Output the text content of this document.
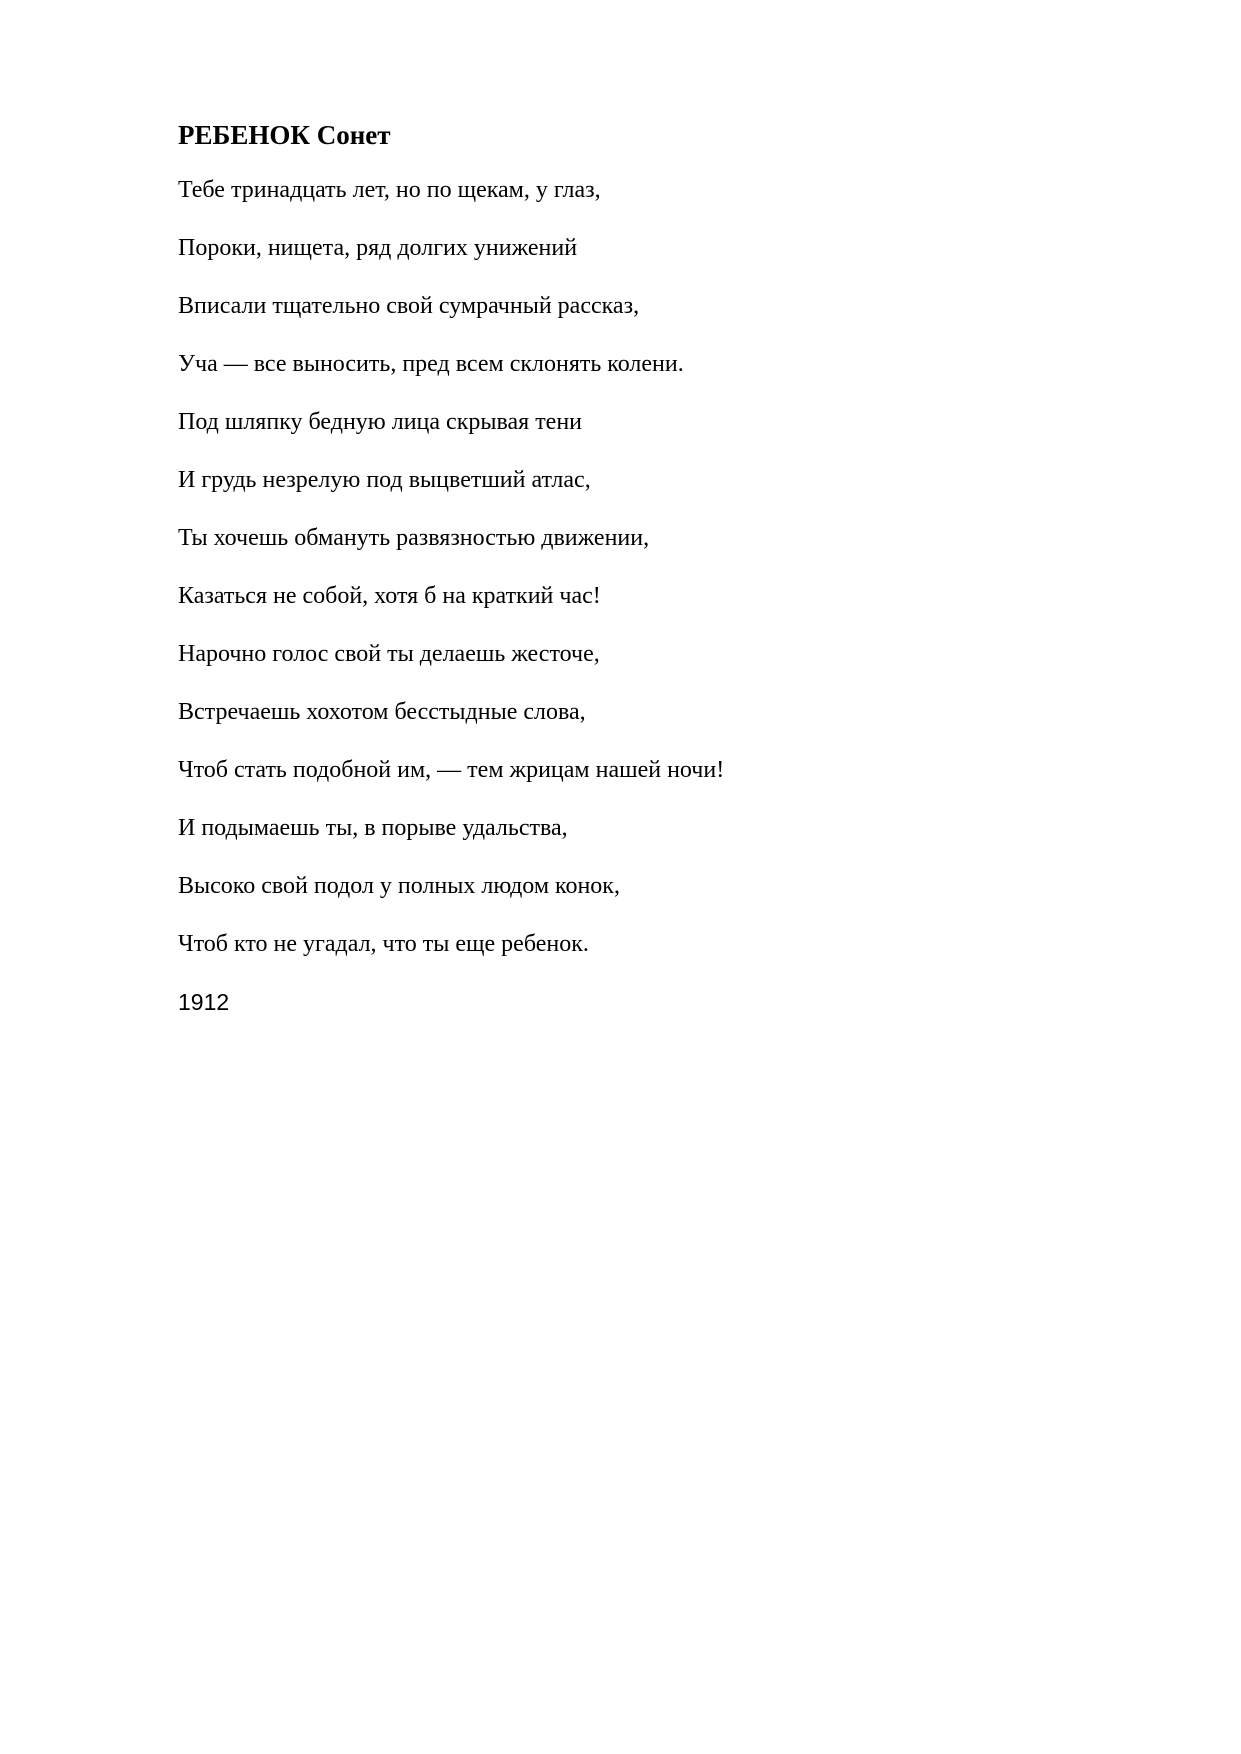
РЕБЕНОК Сонет

Тебе тринадцать лет, но по щекам, у глаз,

Пороки, нищета, ряд долгих унижений

Вписали тщательно свой сумрачный рассказ,

Уча — все выносить, пред всем склонять колени.

Под шляпку бедную лица скрывая тени

И грудь незрелую под выцветший атлас,

Ты хочешь обмануть развязностью движении,

Казаться не собой, хотя б на краткий час!

Нарочно голос свой ты делаешь жесточе,

Встречаешь хохотом бесстыдные слова,

Чтоб стать подобной им, — тем жрицам нашей ночи!

И подымаешь ты, в порыве удальства,

Высоко свой подол у полных людом конок,

Чтоб кто не угадал, что ты еще ребенок.

1912
